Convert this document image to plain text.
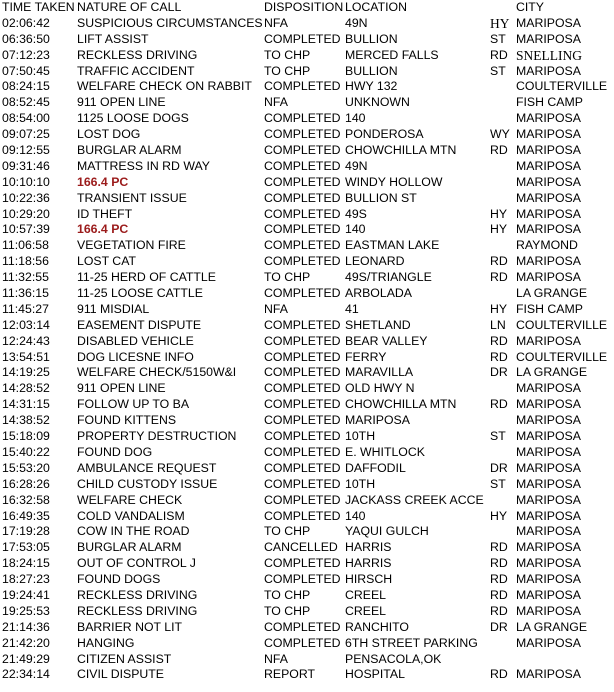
TIME TAKEN NATURE OF CALL	DISPOSITION LOCATION	CITY
02:06:42 SUSPICIOUS CIRCUMSTANCES NFA	49N	HY MARIPOSA
06:36:50 LIFT ASSIST	COMPLETED BULLION	ST MARIPOSA
07:12:23 RECKLESS DRIVING	TO CHP	MERCED FALLS	RD SNELLING
07:50:45 TRAFFIC ACCIDENT	TO CHP	BULLION	ST MARIPOSA
08:24:15 WELFARE CHECK ON RABBIT COMPLETED HWY 132	COULTERVILLE
08:52:45 911 OPEN LINE	NFA	UNKNOWN	FISH CAMP
08:54:00 1125 LOOSE DOGS	COMPLETED 140	MARIPOSA
09:07:25 LOST DOG	COMPLETED PONDEROSA	WY MARIPOSA
09:12:55 BURGLAR ALARM	COMPLETED CHOWCHILLA MTN	RD MARIPOSA
09:31:46 MATTRESS IN RD WAY	COMPLETED 49N	MARIPOSA
10:10:10 166.4 PC	COMPLETED WINDY HOLLOW	MARIPOSA
10:22:36 TRANSIENT ISSUE	COMPLETED BULLION ST	MARIPOSA
10:29:20 ID THEFT	COMPLETED 49S	HY MARIPOSA
10:57:39 166.4 PC	COMPLETED 140	HY MARIPOSA
11:06:58 VEGETATION FIRE	COMPLETED EASTMAN LAKE	RAYMOND
11:18:56 LOST CAT	COMPLETED LEONARD	RD MARIPOSA
11:32:55 11-25 HERD OF CATTLE	TO CHP	49S/TRIANGLE	RD MARIPOSA
11:36:15 11-25 LOOSE CATTLE	COMPLETED ARBOLADA	LA GRANGE
11:45:27 911 MISDIAL	NFA	41	HY FISH CAMP
12:03:14 EASEMENT DISPUTE	COMPLETED SHETLAND	LN COULTERVILLE
12:24:43 DISABLED VEHICLE	COMPLETED BEAR VALLEY	RD MARIPOSA
13:54:51 DOG LICESNE INFO	COMPLETED FERRY	RD COULTERVILLE
14:19:25 WELFARE CHECK/5150W&I COMPLETED MARAVILLA	DR LA GRANGE
14:28:52 911 OPEN LINE	COMPLETED OLD HWY N	MARIPOSA
14:31:15 FOLLOW UP TO BA	COMPLETED CHOWCHILLA MTN	RD MARIPOSA
14:38:52 FOUND KITTENS	COMPLETED MARIPOSA	MARIPOSA
15:18:09 PROPERTY DESTRUCTION COMPLETED 10TH	ST MARIPOSA
15:40:22 FOUND DOG	COMPLETED E. WHITLOCK	MARIPOSA
15:53:20 AMBULANCE REQUEST	COMPLETED DAFFODIL	DR MARIPOSA
16:28:26 CHILD CUSTODY ISSUE	COMPLETED 10TH	ST MARIPOSA
16:32:58 WELFARE CHECK	COMPLETED JACKASS CREEK ACCE	MARIPOSA
16:49:35 COLD VANDALISM	COMPLETED 140	HY MARIPOSA
17:19:28 COW IN THE ROAD	TO CHP	YAQUI GULCH	MARIPOSA
17:53:05 BURGLAR ALARM	CANCELLED HARRIS	RD MARIPOSA
18:24:15 OUT OF CONTROL J	COMPLETED HARRIS	RD MARIPOSA
18:27:23 FOUND DOGS	COMPLETED HIRSCH	RD MARIPOSA
19:24:41 RECKLESS DRIVING	TO CHP	CREEL	RD MARIPOSA
19:25:53 RECKLESS DRIVING	TO CHP	CREEL	RD MARIPOSA
21:14:36 BARRIER NOT LIT	COMPLETED RANCHITO	DR LA GRANGE
21:42:20 HANGING	COMPLETED 6TH STREET PARKING	MARIPOSA
21:49:29 CITIZEN ASSIST	NFA	PENSACOLA,OK
22:34:14 CIVIL DISPUTE	REPORT HOSPITAL	RD MARIPOSA
